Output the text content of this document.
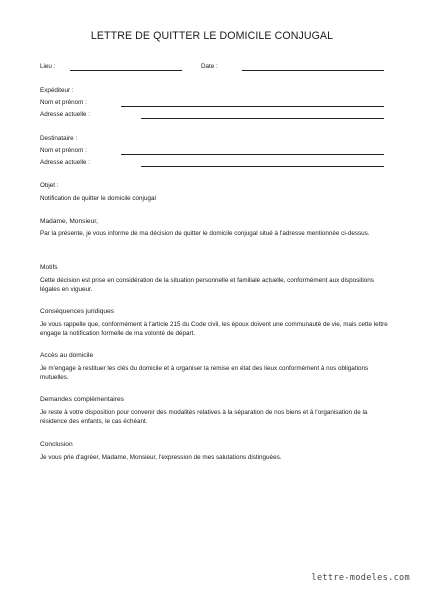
LETTRE DE QUITTER LE DOMICILE CONJUGAL
Lieu :	Date :
Expéditeur :
Nom et prénom :
Adresse actuelle :
Destinataire :
Nom et prénom :
Adresse actuelle :
Objet :
Notification de quitter le domicile conjugal
Madame, Monsieur,
Par la présente, je vous informe de ma décision de quitter le domicile conjugal situé à l'adresse mentionnée ci-dessus.
Motifs
Cette décision est prise en considération de la situation personnelle et familiale actuelle, conformément aux dispositions légales en vigueur.
Conséquences juridiques
Je vous rappelle que, conformément à l'article 215 du Code civil, les époux doivent une communauté de vie, mais cette lettre engage la notification formelle de ma volonté de départ.
Accès au domicile
Je m'engage à restituer les clés du domicile et à organiser la remise en état des lieux conformément à nos obligations mutuelles.
Demandes complémentaires
Je reste à votre disposition pour convenir des modalités relatives à la séparation de nos biens et à l'organisation de la résidence des enfants, le cas échéant.
Conclusion
Je vous prie d'agréer, Madame, Monsieur, l'expression de mes salutations distinguées.
lettre-modeles.com
